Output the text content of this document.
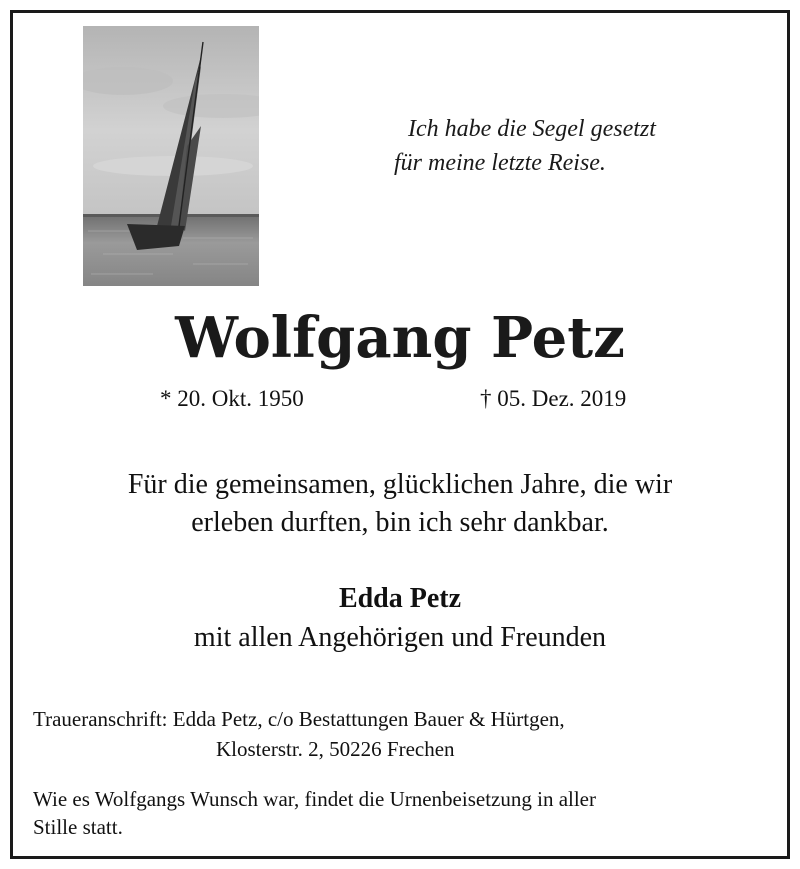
Ich habe die Segel gesetzt
für meine letzte Reise.
Wolfgang Petz
* 20. Okt. 1950	† 05. Dez. 2019
Für die gemeinsamen, glücklichen Jahre, die wir
erleben durften, bin ich sehr dankbar.
Edda Petz
mit allen Angehörigen und Freunden
Traueranschrift: Edda Petz, c/o Bestattungen Bauer & Hürtgen,
Klosterstr. 2, 50226 Frechen
Wie es Wolfgangs Wunsch war, findet die Urnenbeisetzung in aller
Stille statt.
